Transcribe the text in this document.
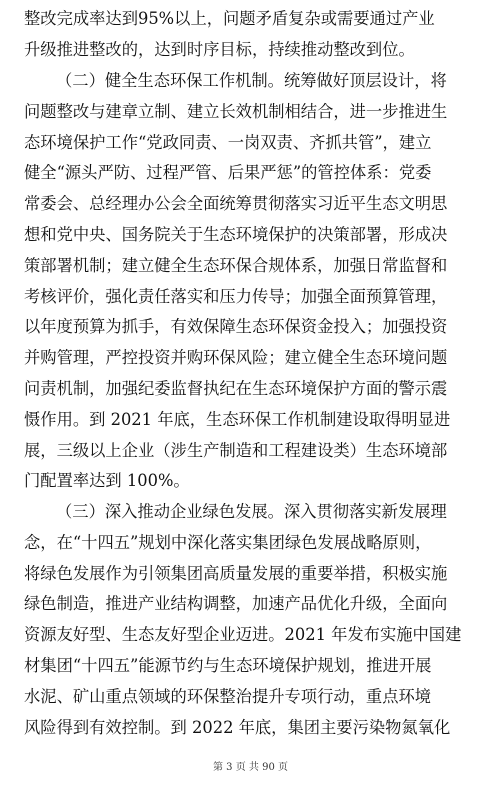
整改完成率达到95%以上，问题矛盾复杂或需要通过产业
升级推进整改的，达到时序目标，持续推动整改到位。
（二）健全生态环保工作机制。统筹做好顶层设计，将
问题整改与建章立制、建立长效机制相结合，进一步推进生
态环境保护工作“党政同责、一岗双责、齐抓共管”，建立
健全“源头严防、过程严管、后果严惩”的管控体系：党委
常委会、总经理办公会全面统筹贯彻落实习近平生态文明思
想和党中央、国务院关于生态环境保护的决策部署，形成决
策部署机制；建立健全生态环保合规体系，加强日常监督和
考核评价，强化责任落实和压力传导；加强全面预算管理，
以年度预算为抓手，有效保障生态环保资金投入；加强投资
并购管理，严控投资并购环保风险；建立健全生态环境问题
问责机制，加强纪委监督执纪在生态环境保护方面的警示震
慑作用。到 2021 年底，生态环保工作机制建设取得明显进
展，三级以上企业（涉生产制造和工程建设类）生态环境部
门配置率达到 100%。
（三）深入推动企业绿色发展。深入贯彻落实新发展理
念，在“十四五”规划中深化落实集团绿色发展战略原则，
将绿色发展作为引领集团高质量发展的重要举措，积极实施
绿色制造，推进产业结构调整，加速产品优化升级，全面向
资源友好型、生态友好型企业迈进。2021 年发布实施中国建
材集团“十四五”能源节约与生态环境保护规划，推进开展
水泥、矿山重点领域的环保整治提升专项行动，重点环境
风险得到有效控制。到 2022 年底，集团主要污染物氮氧化
第 3 页 共 90 页
